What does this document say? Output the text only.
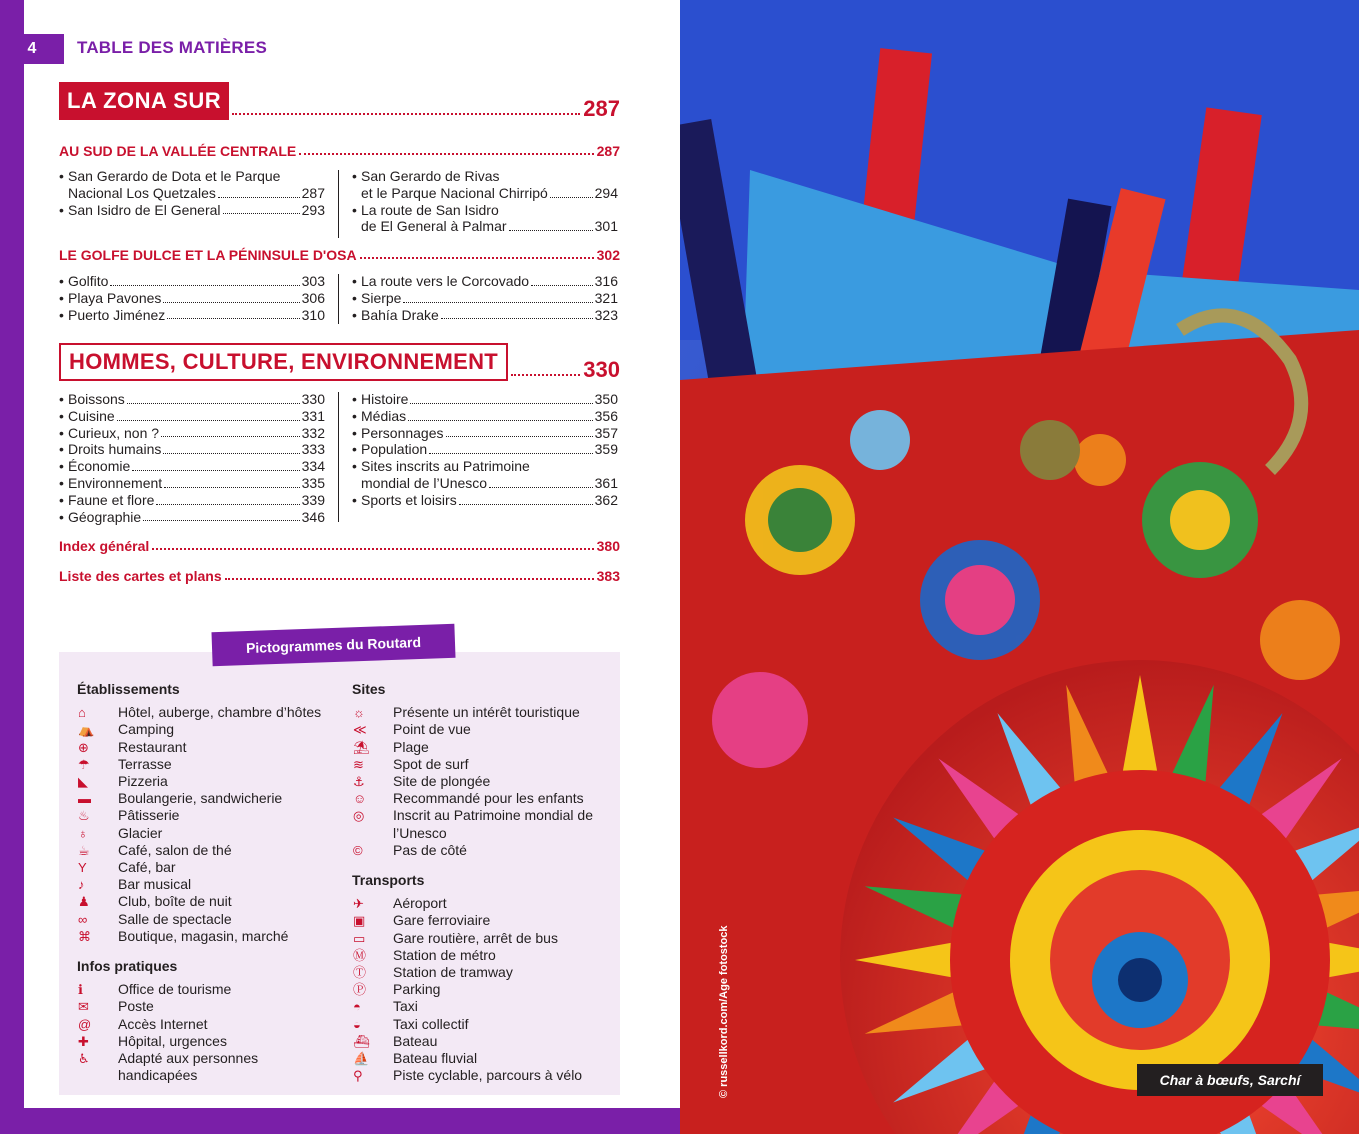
4	TABLE DES MATIÈRES
LA ZONA SUR	287
AU SUD DE LA VALLÉE CENTRALE	287
• San Gerardo de Dota et le Parque
Nacional Los Quetzales	287
• San Isidro de El General	293
• San Gerardo de Rivas
et le Parque Nacional Chirripó	294
• La route de San Isidro
de El General à Palmar	301
LE GOLFE DULCE ET LA PÉNINSULE D'OSA	302
• Golfito	303
• Playa Pavones	306
• Puerto Jiménez	310
• La route vers le Corcovado	316
• Sierpe	321
• Bahía Drake	323
HOMMES, CULTURE, ENVIRONNEMENT	330
• Boissons	330
• Cuisine	331
• Curieux, non ?	332
• Droits humains	333
• Économie	334
• Environnement	335
• Faune et flore	339
• Géographie	346
• Histoire	350
• Médias	356
• Personnages	357
• Population	359
• Sites inscrits au Patrimoine
mondial de l’Unesco	361
• Sports et loisirs	362
Index général	380
Liste des cartes et plans	383
Établissements
⌂	Hôtel, auberge, chambre d’hôtes
⛺	Camping
⊕	Restaurant
☂	Terrasse
◣	Pizzeria
▬	Boulangerie, sandwicherie
♨	Pâtisserie
♁	Glacier
☕	Café, salon de thé
Y	Café, bar
♪	Bar musical
♟	Club, boîte de nuit
∞	Salle de spectacle
⌘	Boutique, magasin, marché
Infos pratiques
ℹ	Office de tourisme
✉	Poste
@	Accès Internet
✚	Hôpital, urgences
♿	Adapté aux personnes handicapées
Sites
☼	Présente un intérêt touristique
≪	Point de vue
⛱	Plage
≋	Spot de surf
⚓	Site de plongée
☺	Recommandé pour les enfants
◎	Inscrit au Patrimoine mondial de l’Unesco
©	Pas de côté
Transports
✈	Aéroport
▣	Gare ferroviaire
▭	Gare routière, arrêt de bus
Ⓜ	Station de métro
Ⓣ	Station de tramway
Ⓟ	Parking
◓	Taxi
◒	Taxi collectif
⛴	Bateau
⛵	Bateau fluvial
⚲	Piste cyclable, parcours à vélo
Pictogrammes du Routard
© russellkord.com/Age fotostock	Char à bœufs, Sarchí
